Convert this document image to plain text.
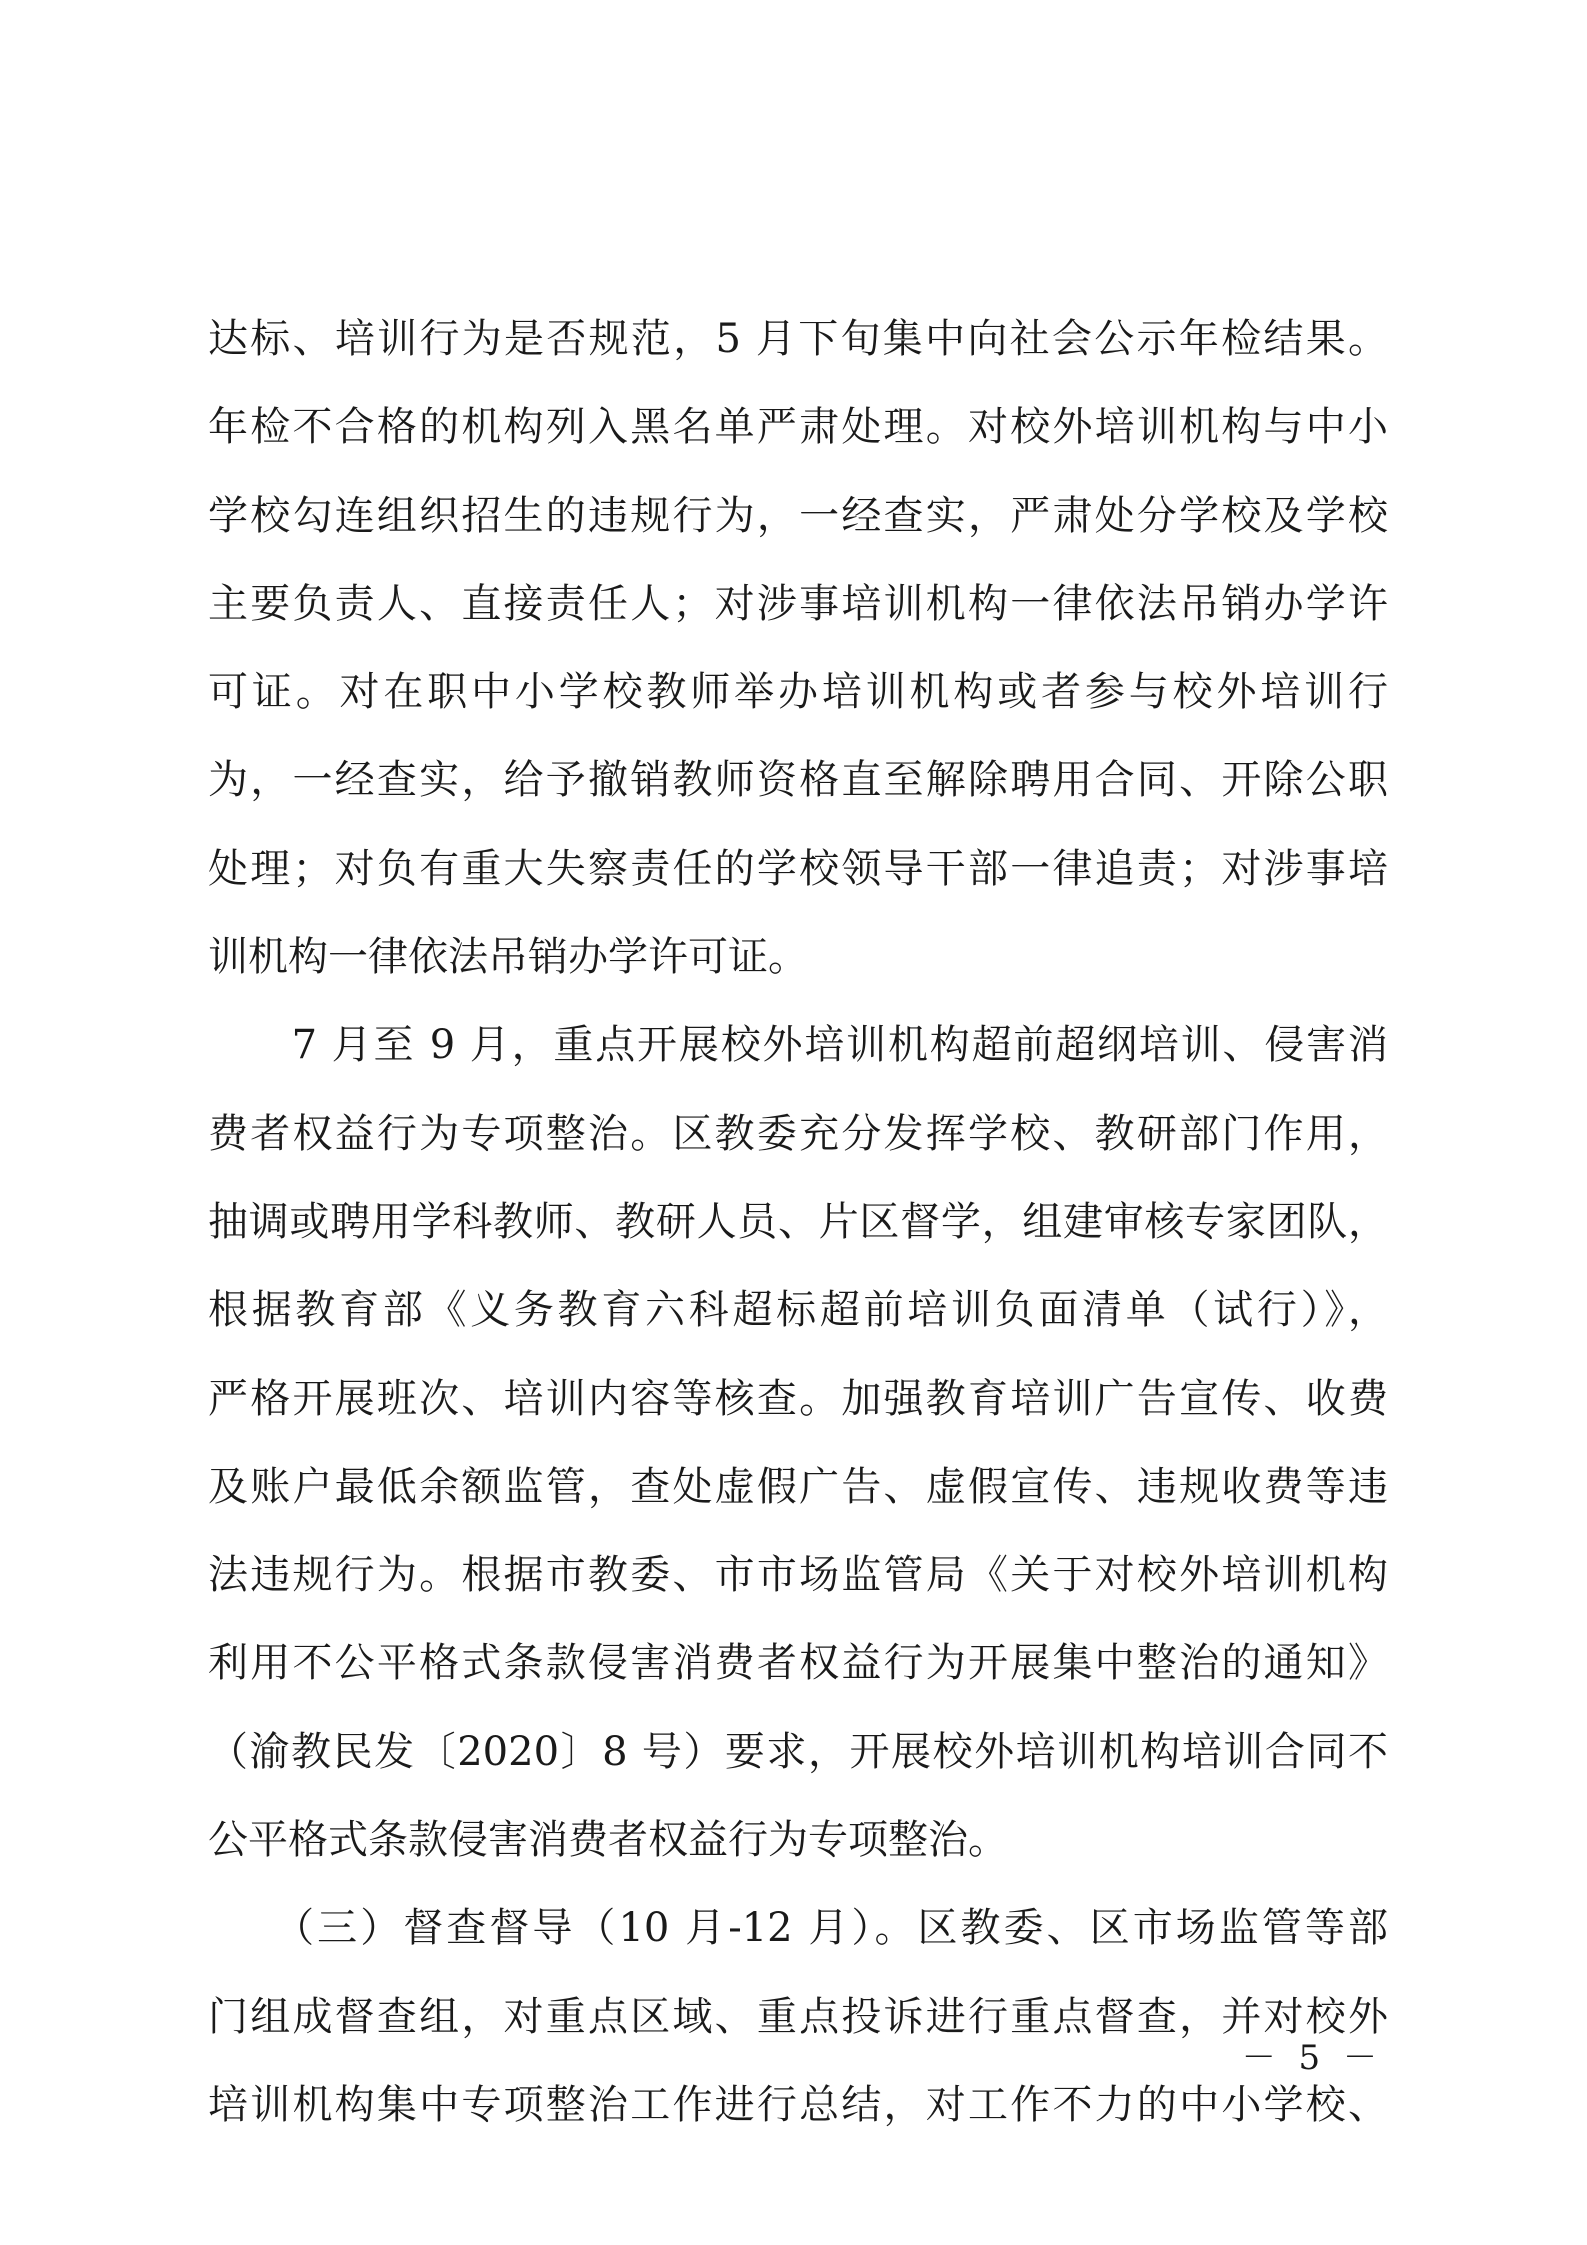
达标、培训行为是否规范，5 月下旬集中向社会公示年检结果。
年检不合格的机构列入黑名单严肃处理。对校外培训机构与中小
学校勾连组织招生的违规行为，一经查实，严肃处分学校及学校
主要负责人、直接责任人；对涉事培训机构一律依法吊销办学许
可证。对在职中小学校教师举办培训机构或者参与校外培训行
为，一经查实，给予撤销教师资格直至解除聘用合同、开除公职
处理；对负有重大失察责任的学校领导干部一律追责；对涉事培
训机构一律依法吊销办学许可证。
　　7 月至 9 月，重点开展校外培训机构超前超纲培训、侵害消
费者权益行为专项整治。区教委充分发挥学校、教研部门作用，
抽调或聘用学科教师、教研人员、片区督学，组建审核专家团队，
根据教育部《义务教育六科超标超前培训负面清单（试行）》，
严格开展班次、培训内容等核查。加强教育培训广告宣传、收费
及账户最低余额监管，查处虚假广告、虚假宣传、违规收费等违
法违规行为。根据市教委、市市场监管局《关于对校外培训机构
利用不公平格式条款侵害消费者权益行为开展集中整治的通知》
（渝教民发〔2020〕8 号）要求，开展校外培训机构培训合同不
公平格式条款侵害消费者权益行为专项整治。
　　（三）督查督导（10 月-12 月）。区教委、区市场监管等部
门组成督查组，对重点区域、重点投诉进行重点督查，并对校外
培训机构集中专项整治工作进行总结，对工作不力的中小学校、
－ 5 －
